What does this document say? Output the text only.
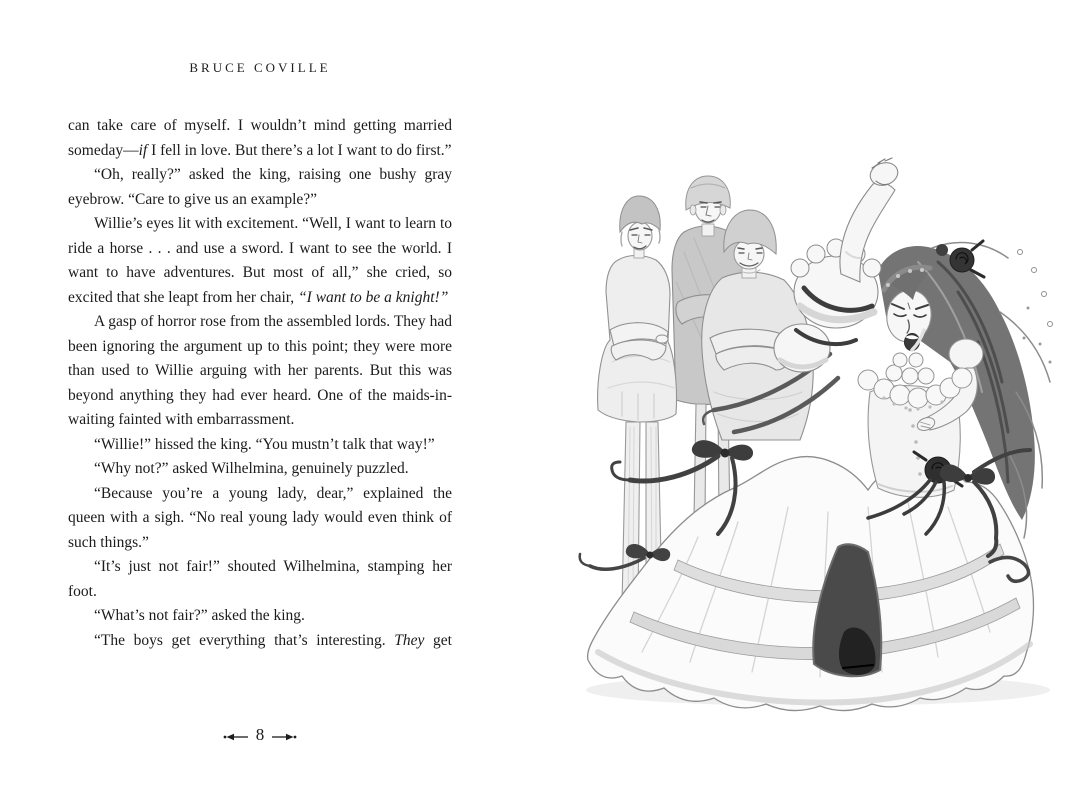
BRUCE COVILLE

can take care of myself. I wouldn’t mind getting married someday—if I fell in love. But there’s a lot I want to do first.”

“Oh, really?” asked the king, raising one bushy gray eyebrow. “Care to give us an example?”

Willie’s eyes lit with excitement. “Well, I want to learn to ride a horse . . . and use a sword. I want to see the world. I want to have adventures. But most of all,” she cried, so excited that she leapt from her chair, “I want to be a knight!”

A gasp of horror rose from the assembled lords. They had been ignoring the argument up to this point; they were more than used to Willie arguing with her parents. But this was beyond anything they had ever heard. One of the maids-in-waiting fainted with embarrassment.

“Willie!” hissed the king. “You mustn’t talk that way!”

“Why not?” asked Wilhelmina, genuinely puzzled.

“Because you’re a young lady, dear,” explained the queen with a sigh. “No real young lady would even think of such things.”

“It’s just not fair!” shouted Wilhelmina, stamping her foot.

“What’s not fair?” asked the king.

“The boys get everything that’s interesting. They get

8
